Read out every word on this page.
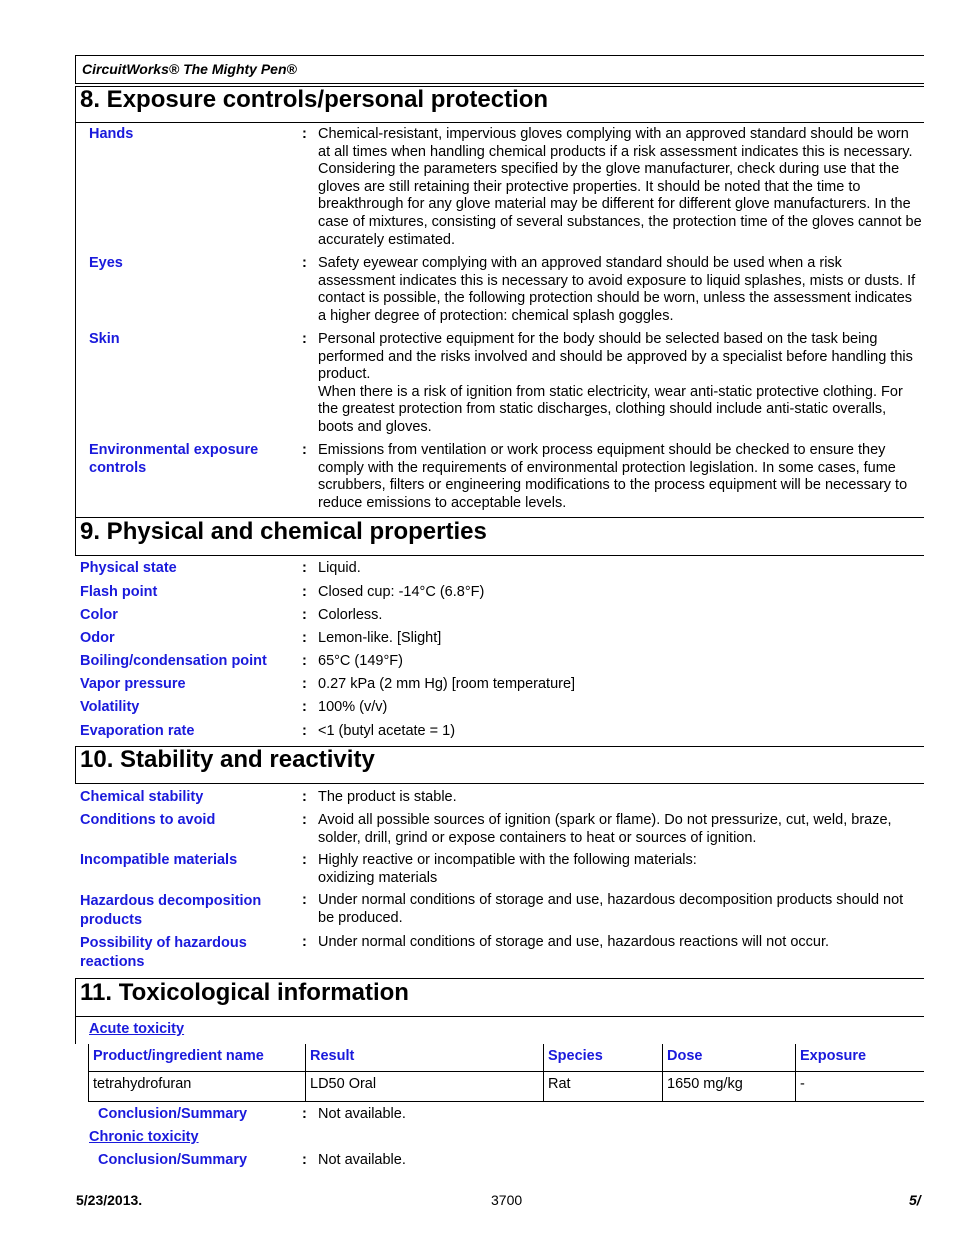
CircuitWorks® The Mighty Pen®
8. Exposure controls/personal protection
Hands	: Chemical-resistant, impervious gloves complying with an approved standard should be worn at all times when handling chemical products if a risk assessment indicates this is necessary. Considering the parameters specified by the glove manufacturer, check during use that the gloves are still retaining their protective properties. It should be noted that the time to breakthrough for any glove material may be different for different glove manufacturers. In the case of mixtures, consisting of several substances, the protection time of the gloves cannot be accurately estimated.
Eyes	: Safety eyewear complying with an approved standard should be used when a risk assessment indicates this is necessary to avoid exposure to liquid splashes, mists or dusts. If contact is possible, the following protection should be worn, unless the assessment indicates a higher degree of protection: chemical splash goggles.
Skin	: Personal protective equipment for the body should be selected based on the task being performed and the risks involved and should be approved by a specialist before handling this product.
When there is a risk of ignition from static electricity, wear anti-static protective clothing. For the greatest protection from static discharges, clothing should include anti-static overalls, boots and gloves.
Environmental exposure controls
: Emissions from ventilation or work process equipment should be checked to ensure they comply with the requirements of environmental protection legislation. In some cases, fume scrubbers, filters or engineering modifications to the process equipment will be necessary to reduce emissions to acceptable levels.
9. Physical and chemical properties
Physical state	: Liquid.
Flash point	: Closed cup: -14°C (6.8°F)
Color	: Colorless.
Odor	: Lemon-like. [Slight]
Boiling/condensation point : 65°C (149°F)
Vapor pressure	: 0.27 kPa (2 mm Hg) [room temperature]
Volatility	: 100% (v/v)
Evaporation rate	: <1 (butyl acetate = 1)
10. Stability and reactivity
Chemical stability	: The product is stable.
Conditions to avoid	: Avoid all possible sources of ignition (spark or flame). Do not pressurize, cut, weld, braze, solder, drill, grind or expose containers to heat or sources of ignition.
Incompatible materials	: Highly reactive or incompatible with the following materials:
oxidizing materials
Hazardous decomposition products
: Under normal conditions of storage and use, hazardous decomposition products should not be produced.
Possibility of hazardous reactions
: Under normal conditions of storage and use, hazardous reactions will not occur.
11. Toxicological information
Acute toxicity
Product/ingredient name	Result	Species	Dose	Exposure
tetrahydrofuran	LD50 Oral	Rat	1650 mg/kg	-
Conclusion/Summary	: Not available.
Chronic toxicity
Conclusion/Summary	: Not available.
5/23/2013.	3700	5/
